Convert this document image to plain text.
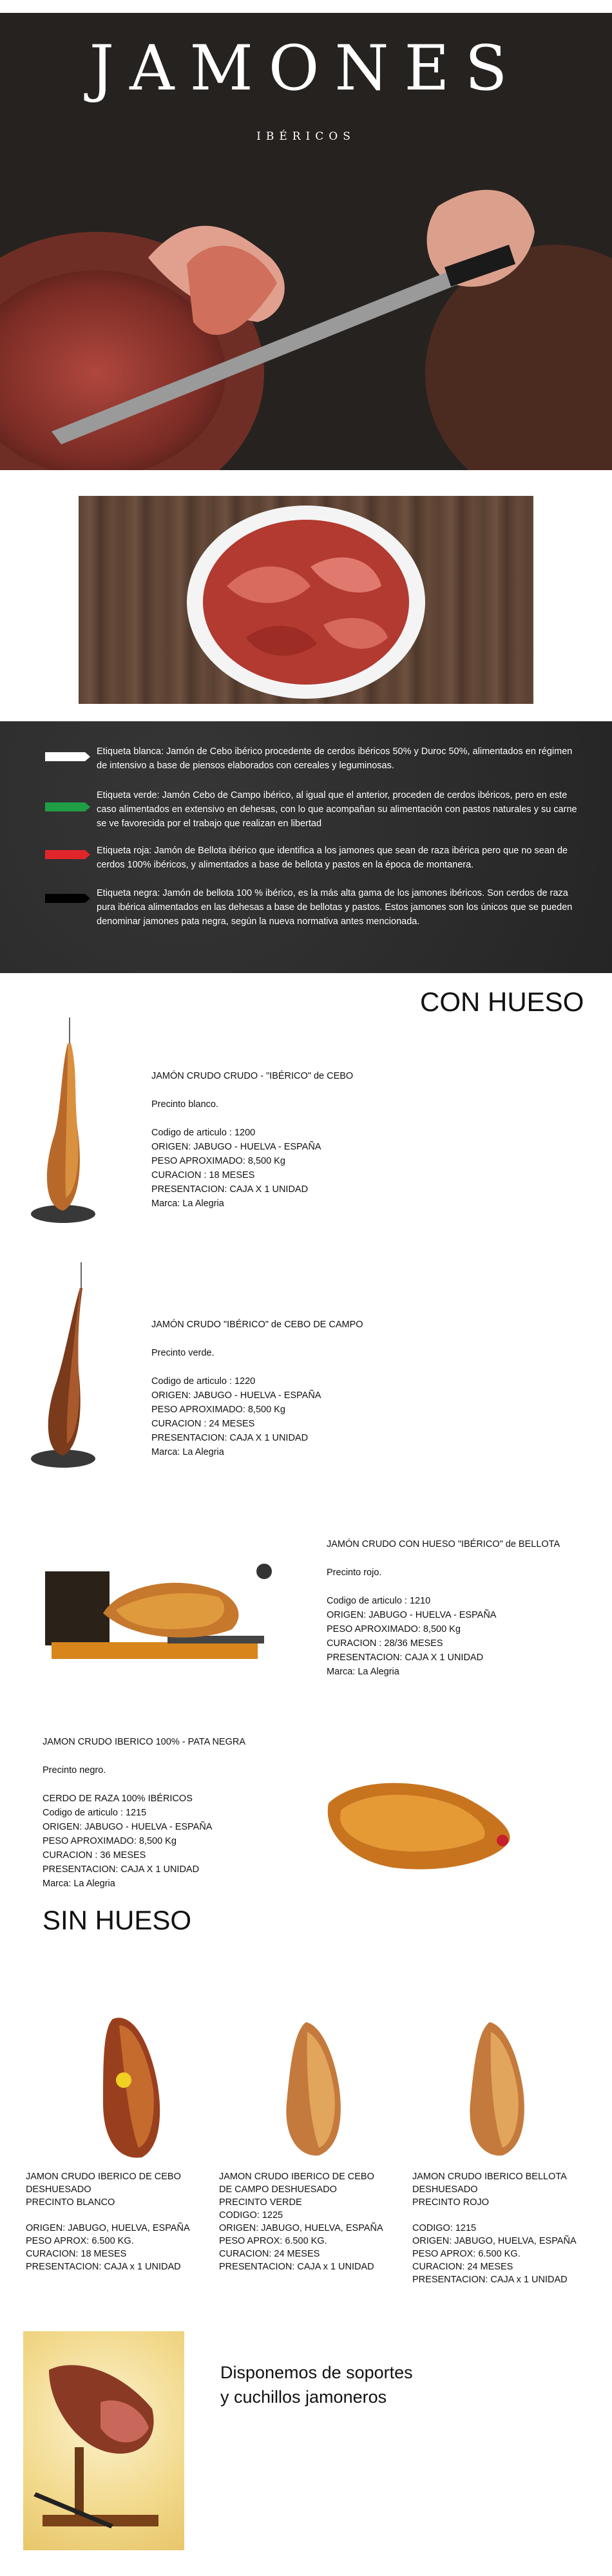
JAMONES
IBÉRICOS
Etiqueta blanca: Jamón de Cebo ibérico procedente de cerdos ibéricos 50% y Duroc 50%, alimentados en régimen de intensivo a base de piensos elaborados con cereales y leguminosas.
Etiqueta verde: Jamón Cebo de Campo ibérico, al igual que el anterior, proceden de cerdos ibéricos, pero en este caso alimentados en extensivo en dehesas, con lo que acompañan su alimentación con pastos naturales y su carne se ve favorecida por el trabajo que realizan en libertad
Etiqueta roja: Jamón de Bellota ibérico que identifica a los jamones que sean de raza ibérica pero que no sean de cerdos 100% ibéricos, y alimentados a base de bellota y pastos en la época de montanera.
Etiqueta negra: Jamón de bellota 100 % ibérico, es la más alta gama de los jamones ibéricos. Son cerdos de raza pura ibérica alimentados en las dehesas a base de bellotas y pastos. Estos jamones son los únicos que se pueden denominar jamones pata negra, según la nueva normativa antes mencionada.
CON HUESO

JAMÓN CRUDO CRUDO - "IBÉRICO" de CEBO

Precinto blanco.

Codigo de articulo : 1200

ORIGEN: JABUGO - HUELVA - ESPAÑA

PESO APROXIMADO: 8,500 Kg

CURACION : 18 MESES

PRESENTACION: CAJA X 1 UNIDAD

Marca: La Alegria

JAMÓN CRUDO "IBÉRICO" de CEBO DE CAMPO

Precinto verde.

Codigo de articulo : 1220

ORIGEN: JABUGO - HUELVA - ESPAÑA

PESO APROXIMADO: 8,500 Kg

CURACION : 24 MESES

PRESENTACION: CAJA X 1 UNIDAD

Marca: La Alegria

JAMÓN CRUDO CON HUESO "IBÉRICO" de BELLOTA

Precinto rojo.

Codigo de articulo : 1210

ORIGEN: JABUGO - HUELVA - ESPAÑA

PESO APROXIMADO: 8,500 Kg

CURACION : 28/36 MESES

PRESENTACION: CAJA X 1 UNIDAD

Marca: La Alegria

JAMON CRUDO IBERICO 100% - PATA NEGRA

Precinto negro.

CERDO DE RAZA 100% IBÉRICOS

Codigo de articulo : 1215

ORIGEN: JABUGO - HUELVA - ESPAÑA

PESO APROXIMADO: 8,500 Kg

CURACION : 36 MESES

PRESENTACION: CAJA X 1 UNIDAD

Marca: La Alegria

SIN HUESO

JAMON CRUDO IBERICO DE CEBO

DESHUESADO

PRECINTO BLANCO

ORIGEN: JABUGO, HUELVA, ESPAÑA

PESO APROX: 6.500 KG.

CURACION: 18 MESES

PRESENTACION: CAJA x 1 UNIDAD

JAMON CRUDO IBERICO DE CEBO

DE CAMPO DESHUESADO

PRECINTO VERDE

CODIGO: 1225

ORIGEN: JABUGO, HUELVA, ESPAÑA

PESO APROX: 6.500 KG.

CURACION: 24 MESES

PRESENTACION: CAJA x 1 UNIDAD

JAMON CRUDO IBERICO BELLOTA

DESHUESADO

PRECINTO ROJO

CODIGO: 1215

ORIGEN: JABUGO, HUELVA, ESPAÑA

PESO APROX: 6.500 KG.

CURACION: 24 MESES

PRESENTACION: CAJA x 1 UNIDAD

Disponemos de soportes
y cuchillos jamoneros
